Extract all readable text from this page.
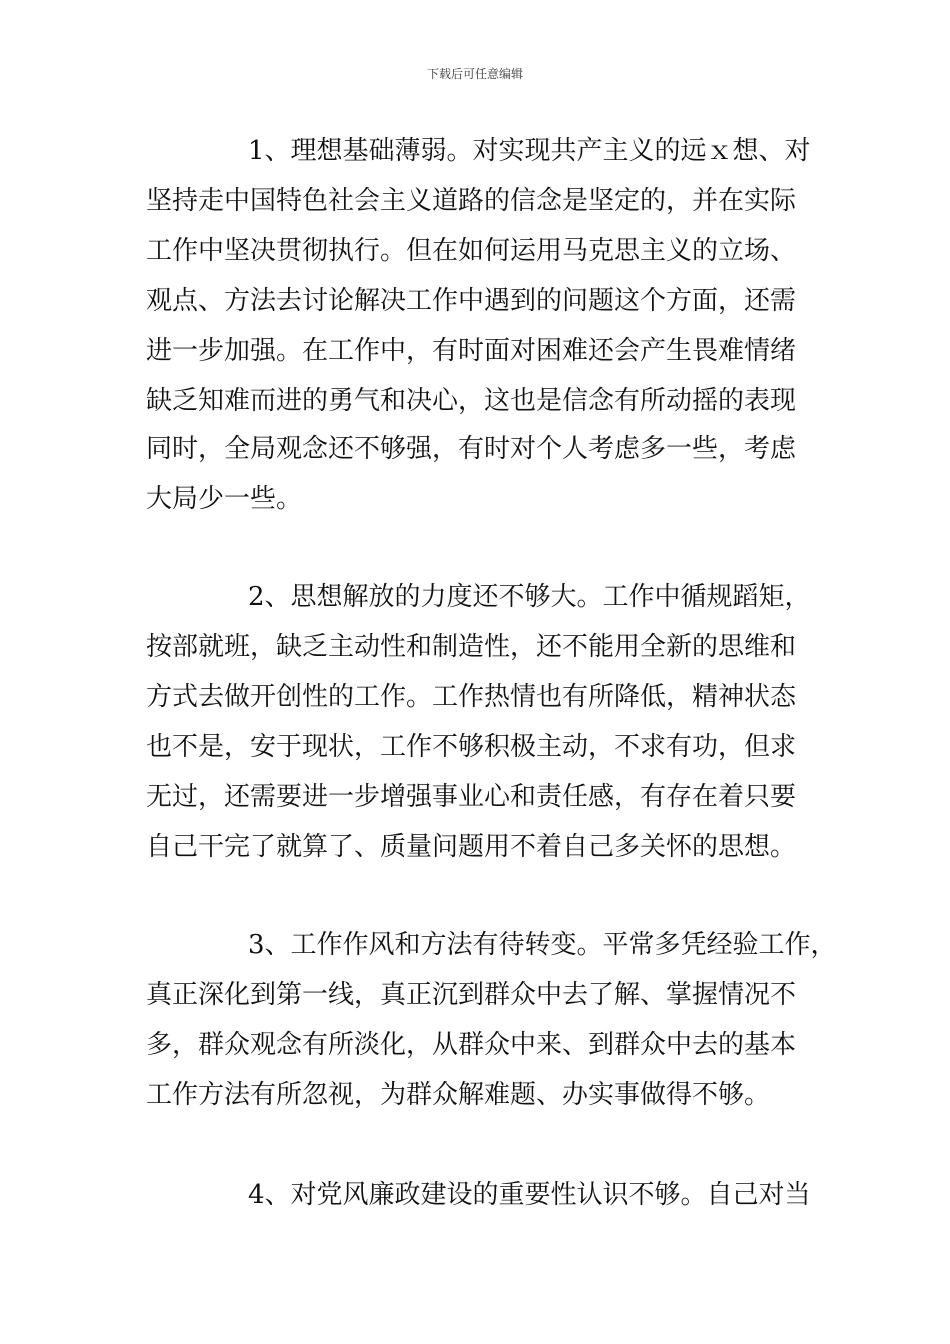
下载后可任意编辑
1、理想基础薄弱。对实现共产主义的远ｘ想、对
坚持走中国特色社会主义道路的信念是坚定的，并在实际
工作中坚决贯彻执行。但在如何运用马克思主义的立场、
观点、方法去讨论解决工作中遇到的问题这个方面，还需
进一步加强。在工作中，有时面对困难还会产生畏难情绪
缺乏知难而进的勇气和决心，这也是信念有所动摇的表现
同时，全局观念还不够强，有时对个人考虑多一些，考虑
大局少一些。
2、思想解放的力度还不够大。工作中循规蹈矩，
按部就班，缺乏主动性和制造性，还不能用全新的思维和
方式去做开创性的工作。工作热情也有所降低，精神状态
也不是，安于现状，工作不够积极主动，不求有功，但求
无过，还需要进一步增强事业心和责任感，有存在着只要
自己干完了就算了、质量问题用不着自己多关怀的思想。
3、工作作风和方法有待转变。平常多凭经验工作，
真正深化到第一线，真正沉到群众中去了解、掌握情况不
多，群众观念有所淡化，从群众中来、到群众中去的基本
工作方法有所忽视，为群众解难题、办实事做得不够。
4、对党风廉政建设的重要性认识不够。自己对当
